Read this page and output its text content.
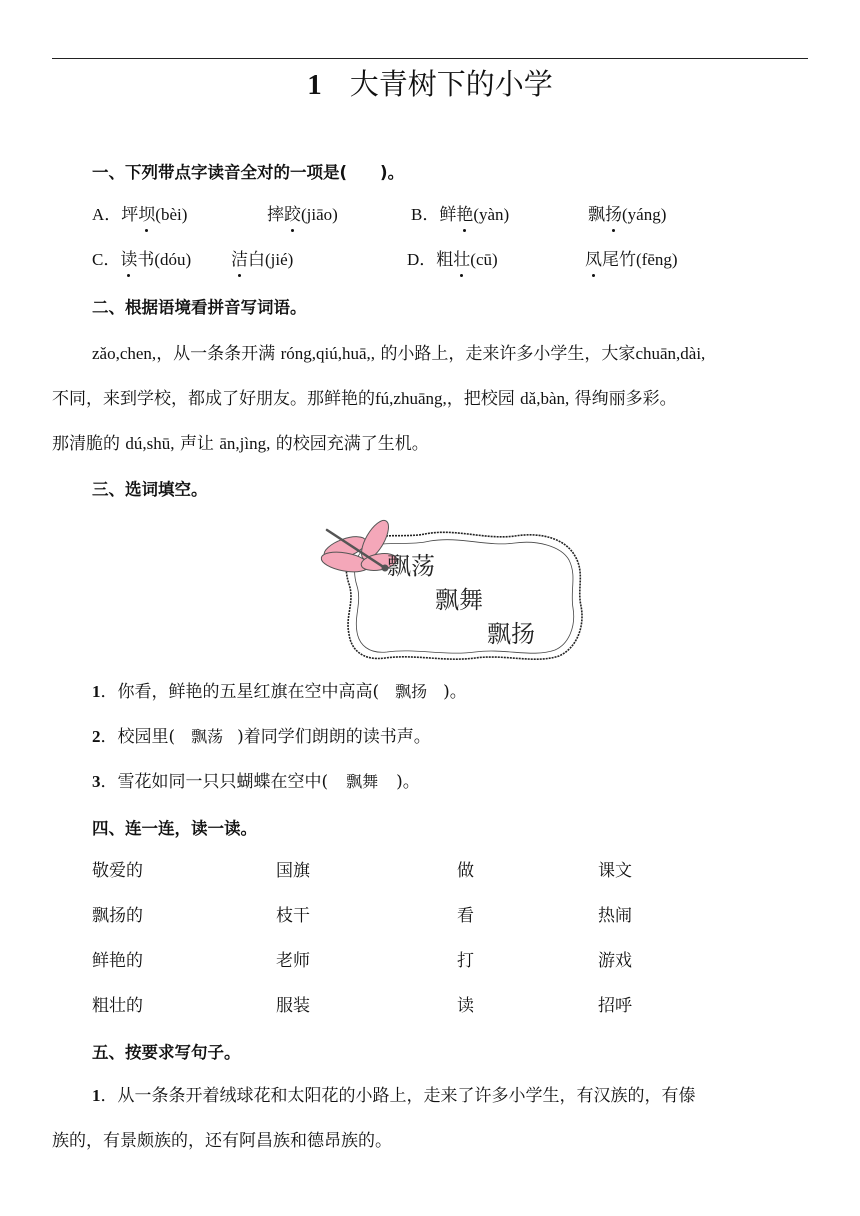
1 大青树下的小学
一、下列带点字读音全对的一项是(　　)。
A．坪坝(bèi)	摔跤(jiāo)	B．鲜艳(yàn)	飘扬(yáng)
C．读书(dóu) 洁白(jié)	D．粗壮(cū)	凤尾竹(fēng)
二、根据语境看拼音写词语。
zǎo,chen,，从一条条开满 róng,qiú,huā,, 的小路上，走来许多小学生，大家chuān,dài,
不同，来到学校，都成了好朋友。那鲜艳的fú,zhuāng,，把校园 dǎ,bàn, 得绚丽多彩。
那清脆的 dú,shū, 声让 ān,jìng, 的校园充满了生机。
三、选词填空。
飘荡
飘舞
飘扬
1．你看，鲜艳的五星红旗在空中高高( 飘扬 )。
2．校园里( 飘荡 )着同学们朗朗的读书声。
3．雪花如同一只只蝴蝶在空中( 飘舞 )。
四、连一连，读一读。
敬爱的	国旗	做	课文
飘扬的	枝干	看	热闹
鲜艳的	老师	打	游戏
粗壮的	服装	读	招呼
五、按要求写句子。
1．从一条条开着绒球花和太阳花的小路上，走来了许多小学生，有汉族的，有傣
族的，有景颇族的，还有阿昌族和德昂族的。
